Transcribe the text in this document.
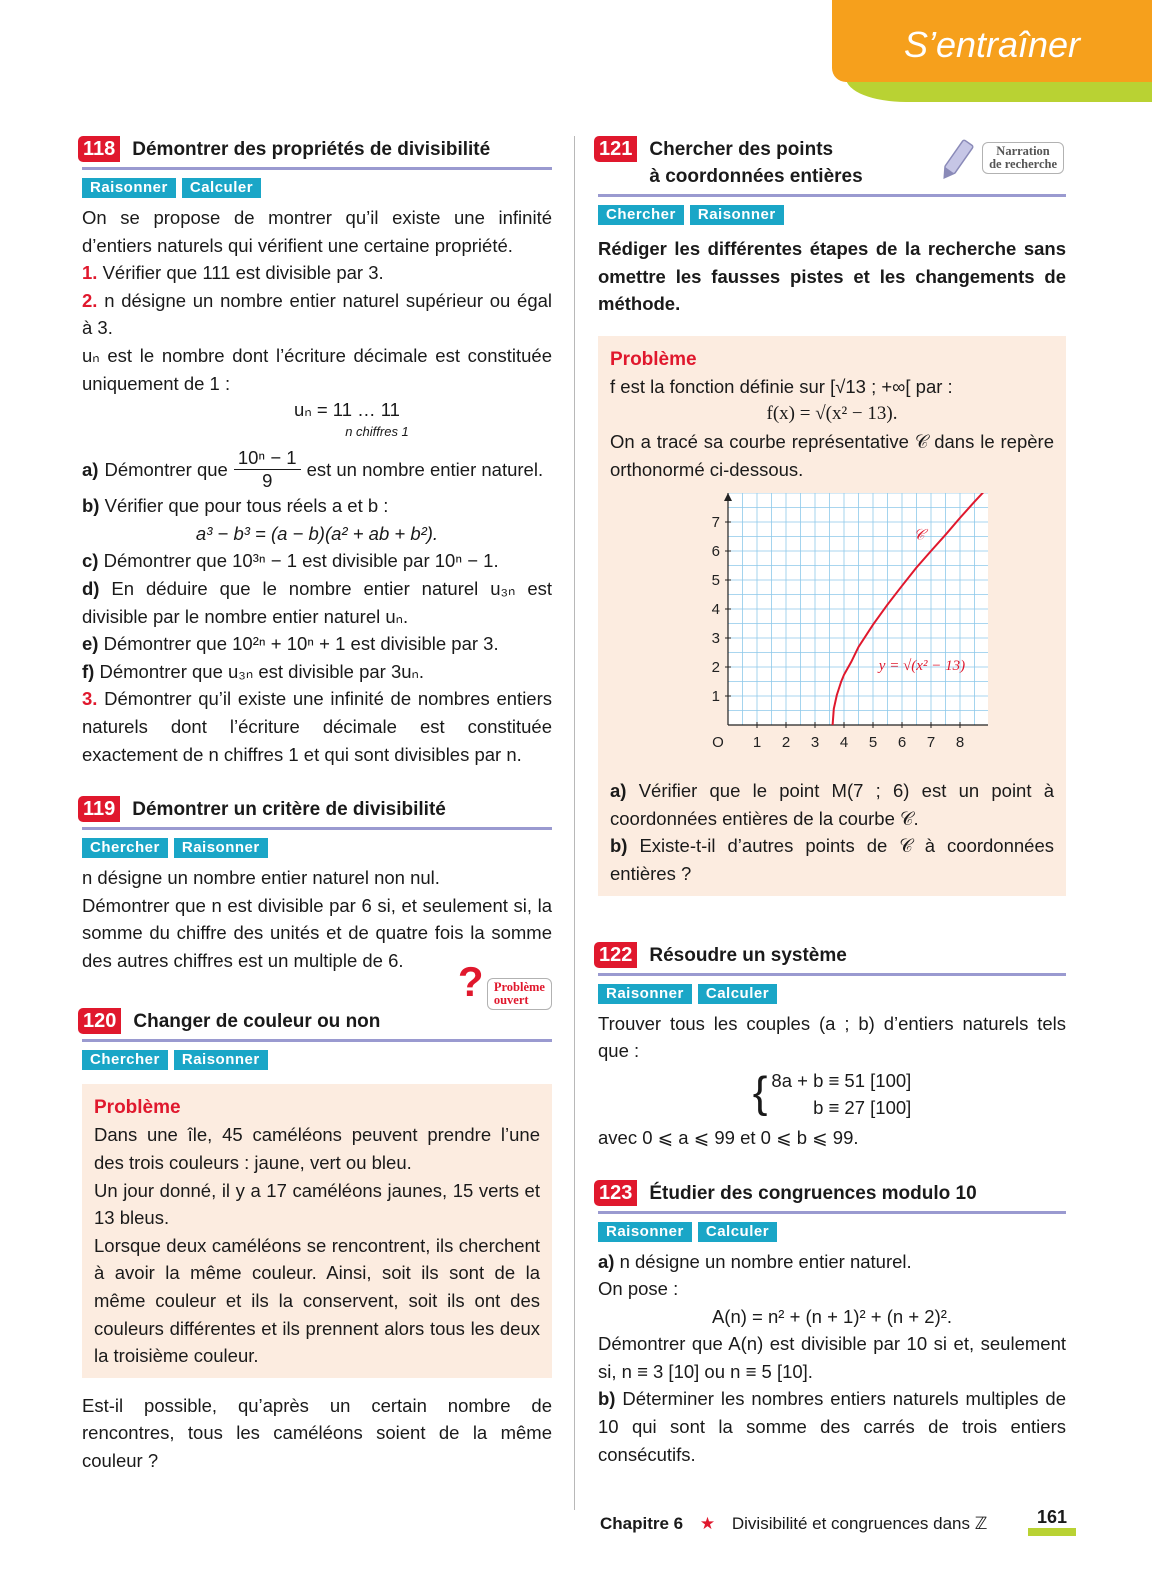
S’entraîner
118 Démontrer des propriétés de divisibilité
Raisonner	Calculer

On se propose de montrer qu’il existe une infinité d’entiers naturels qui vérifient une certaine propriété.

1. Vérifier que 111 est divisible par 3.

2. n désigne un nombre entier naturel supérieur ou égal à 3.

uₙ est le nombre dont l’écriture décimale est constituée uniquement de 1 :

uₙ = 11 … 11
n chiffres 1

a) Démontrer que $\frac{\text{10ⁿ − 1}}{9}$ est un nombre entier naturel.

b) Vérifier que pour tous réels a et b :

a³ − b³ = (a − b)(a² + ab + b²).

c) Démontrer que 10³ⁿ − 1 est divisible par 10ⁿ − 1.

d) En déduire que le nombre entier naturel u₃ₙ est divisible par le nombre entier naturel uₙ.

e) Démontrer que 10²ⁿ + 10ⁿ + 1 est divisible par 3.

f) Démontrer que u₃ₙ est divisible par 3uₙ.

3. Démontrer qu’il existe une infinité de nombres entiers naturels dont l’écriture décimale est constituée exactement de n chiffres 1 et qui sont divisibles par n.

119 Démontrer un critère de divisibilité
Chercher	Raisonner

n désigne un nombre entier naturel non nul.

Démontrer que n est divisible par 6 si, et seulement si, la somme du chiffre des unités et de quatre fois la somme des autres chiffres est un multiple de 6.	? Problème
ouvert
120 Changer de couleur ou non
Chercher	Raisonner
Problème

Dans une île, 45 caméléons peuvent prendre l’une des trois couleurs : jaune, vert ou bleu.

Un jour donné, il y a 17 caméléons jaunes, 15 verts et 13 bleus.

Lorsque deux caméléons se rencontrent, ils cherchent à avoir la même couleur. Ainsi, soit ils sont de la même couleur et ils la conservent, soit ils ont des couleurs différentes et ils prennent alors tous les deux la troisième couleur.

Est-il possible, qu’après un certain nombre de rencontres, tous les caméléons soient de la même couleur ?
Narration
de recherche
121 Chercher des points
à coordonnées entières
Chercher	Raisonner
Rédiger les différentes étapes de la recherche sans omettre les fausses pistes et les changements de méthode.
Problème

f est la fonction définie sur [√13 ; +∞[ par :

f(x) = √(x² − 13).

On a tracé sa courbe représentative 𝒞 dans le repère orthonormé ci-dessous.

1 2 3 4 5 6 7 8
1
2
3
4
5
6
7
O
𝒞
y = √(x² − 13)

a) Vérifier que le point M(7 ; 6) est un point à coordonnées entières de la courbe 𝒞.

b) Existe-t-il d’autres points de 𝒞 à coordonnées entières ?

122 Résoudre un système
Raisonner	Calculer

Trouver tous les couples (a ; b) d’entiers naturels tels que :

{ 8a + b ≡ 51 [100]
b ≡ 27 [100]

avec 0 ⩽ a ⩽ 99 et 0 ⩽ b ⩽ 99.

123 Étudier des congruences modulo 10
Raisonner	Calculer

a) n désigne un nombre entier naturel.

On pose :

A(n) = n² + (n + 1)² + (n + 2)².

Démontrer que A(n) est divisible par 10 si et, seulement si, n ≡ 3 [10] ou n ≡ 5 [10].

b) Déterminer les nombres entiers naturels multiples de 10 qui sont la somme des carrés de trois entiers consécutifs.

Chapitre 6 ★ Divisibilité et congruences dans ℤ	161
